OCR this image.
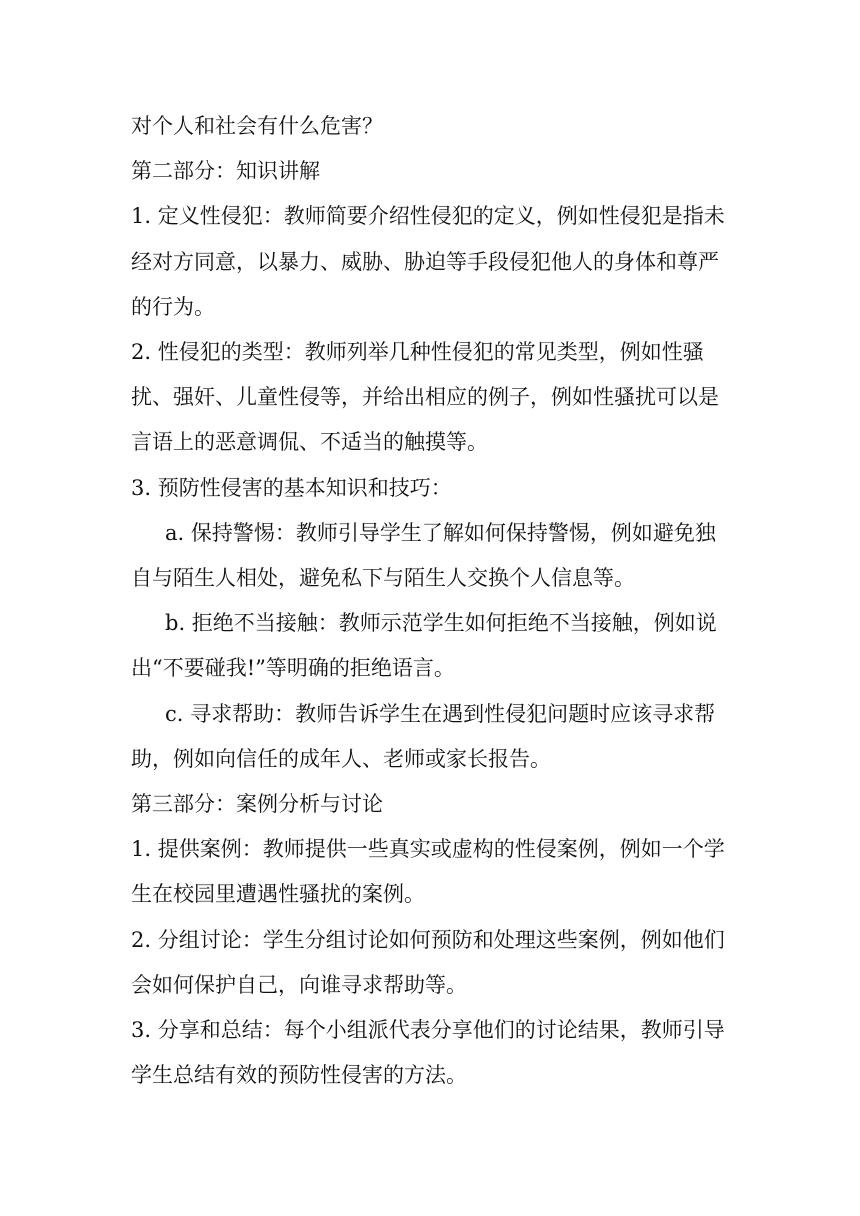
对个人和社会有什么危害？

第二部分：知识讲解

1. 定义性侵犯：教师简要介绍性侵犯的定义，例如性侵犯是指未经对方同意，以暴力、威胁、胁迫等手段侵犯他人的身体和尊严的行为。

2. 性侵犯的类型：教师列举几种性侵犯的常见类型，例如性骚扰、强奸、儿童性侵等，并给出相应的例子，例如性骚扰可以是言语上的恶意调侃、不适当的触摸等。

3. 预防性侵害的基本知识和技巧：

a. 保持警惕：教师引导学生了解如何保持警惕，例如避免独自与陌生人相处，避免私下与陌生人交换个人信息等。

b. 拒绝不当接触：教师示范学生如何拒绝不当接触，例如说出“不要碰我!”等明确的拒绝语言。

c. 寻求帮助：教师告诉学生在遇到性侵犯问题时应该寻求帮助，例如向信任的成年人、老师或家长报告。

第三部分：案例分析与讨论

1. 提供案例：教师提供一些真实或虚构的性侵案例，例如一个学生在校园里遭遇性骚扰的案例。

2. 分组讨论：学生分组讨论如何预防和处理这些案例，例如他们会如何保护自己，向谁寻求帮助等。

3. 分享和总结：每个小组派代表分享他们的讨论结果，教师引导学生总结有效的预防性侵害的方法。
